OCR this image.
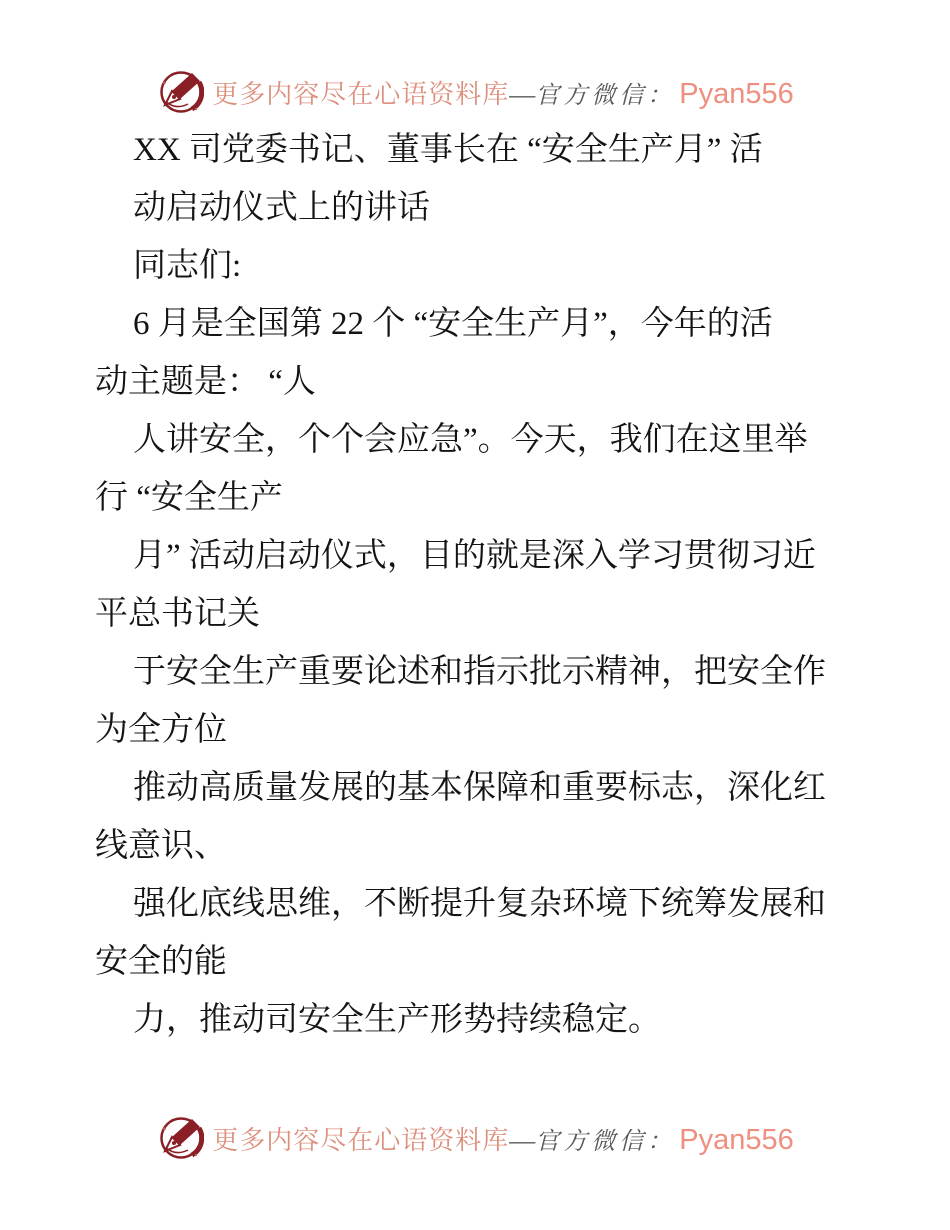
更多内容尽在心语资料库 — 官方微信： Pyan556
XX 司党委书记、董事长在 “安全生产月” 活
动启动仪式上的讲话
同志们:
6 月是全国第 22 个 “安全生产月”，今年的活
动主题是： “人
人讲安全，个个会应急”。今天，我们在这里举
行 “安全生产
月” 活动启动仪式，目的就是深入学习贯彻习近
平总书记关
于安全生产重要论述和指示批示精神，把安全作
为全方位
推动高质量发展的基本保障和重要标志，深化红
线意识、
强化底线思维，不断提升复杂环境下统筹发展和
安全的能
力，推动司安全生产形势持续稳定。
更多内容尽在心语资料库 — 官方微信： Pyan556
